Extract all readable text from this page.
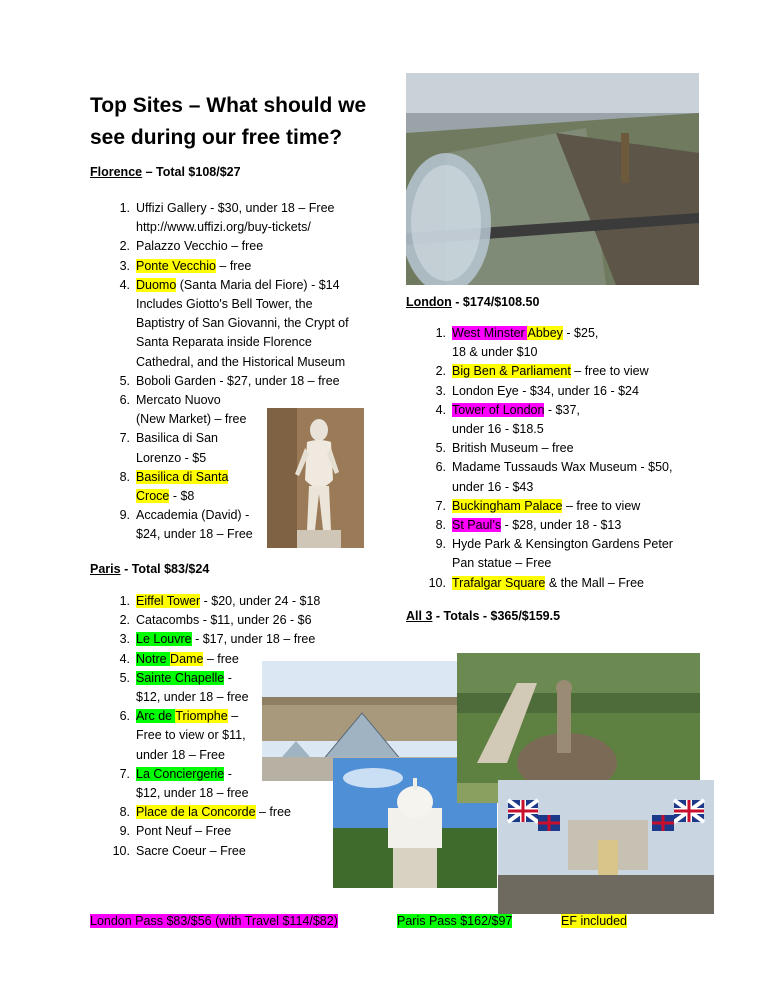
Top Sites – What should we see during our free time?
Florence – Total $108/$27
1. Uffizi Gallery - $30, under 18 – Free
http://www.uffizi.org/buy-tickets/
2. Palazzo Vecchio – free
3. Ponte Vecchio – free
4. Duomo (Santa Maria del Fiore) - $14
Includes Giotto's Bell Tower, the
Baptistry of San Giovanni, the Crypt of
Santa Reparata inside Florence
Cathedral, and the Historical Museum
5. Boboli Garden - $27, under 18 – free
6. Mercato Nuovo
(New Market) – free
7. Basilica di San
Lorenzo - $5
8. Basilica di Santa
Croce - $8
9. Accademia (David) -
$24, under 18 – Free
Paris - Total $83/$24
1. Eiffel Tower - $20, under 24 - $18
2. Catacombs - $11, under 26 - $6
3. Le Louvre - $17, under 18 – free
4. Notre Dame – free
5. Sainte Chapelle -
$12, under 18 – free
6. Arc de Triomphe –
Free to view or $11,
under 18 – Free
7. La Conciergerie -
$12, under 18 – free
8. Place de la Concorde – free
9. Pont Neuf – Free
10. Sacre Coeur – Free
London - $174/$108.50
1. West Minster Abbey - $25,
18 & under $10
2. Big Ben & Parliament – free to view
3. London Eye - $34, under 16 - $24
4. Tower of London - $37,
under 16 - $18.5
5. British Museum – free
6. Madame Tussauds Wax Museum - $50,
under 16 - $43
7. Buckingham Palace – free to view
8. St Paul’s - $28, under 18 - $13
9. Hyde Park & Kensington Gardens Peter
Pan statue – Free
10. Trafalgar Square & the Mall – Free
All 3 - Totals - $365/$159.5
London Pass $83/$56 (with Travel $114/$82)	Paris Pass $162/$97	EF included
